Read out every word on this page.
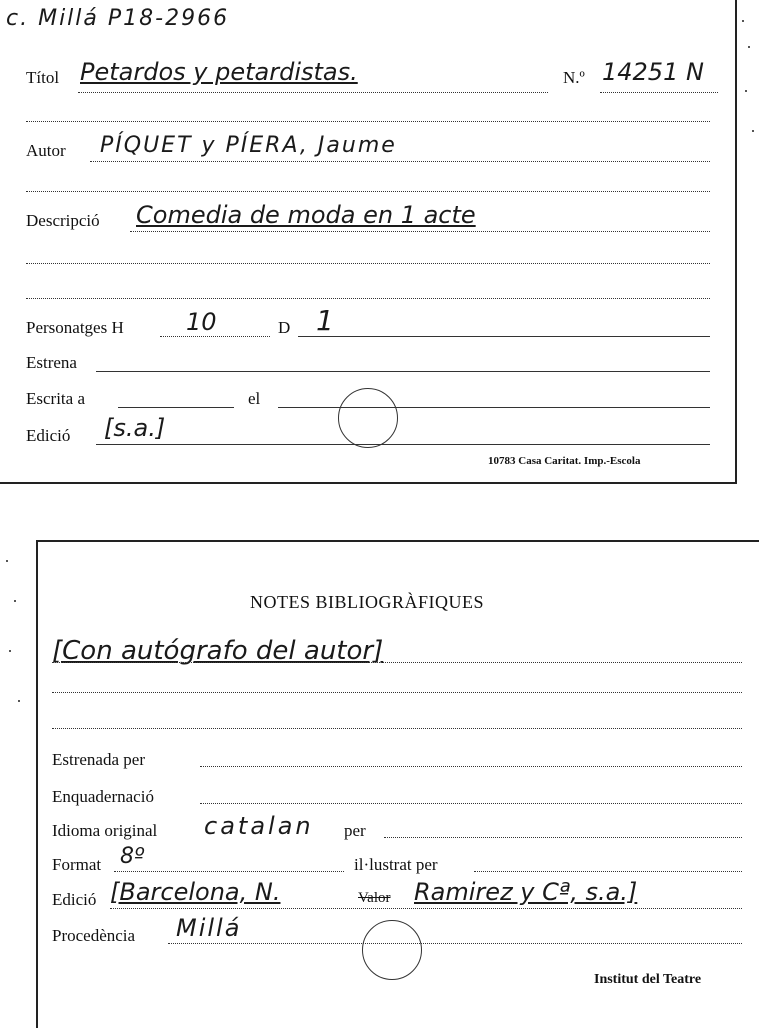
c. Millá P18-2966
Títol Petardos y petardistas.	N.º 14251 N
Autor PÍQUET y PÍERA, Jaume
Descripció Comedia de moda en 1 acte
Personatges H	10	D 1
Estrena
Escrita a	el
Edició [s.a.]
10783 Casa Caritat. Imp.-Escola
NOTES BIBLIOGRÀFIQUES
[Con autógrafo del autor]
Estrenada per
Enquadernació
Idioma original catalan per
Format 8º	il·lustrat per
Edició [Barcelona, N.	Valor Ramirez y Cª, s.a.]
Procedència Millá
Institut del Teatre
